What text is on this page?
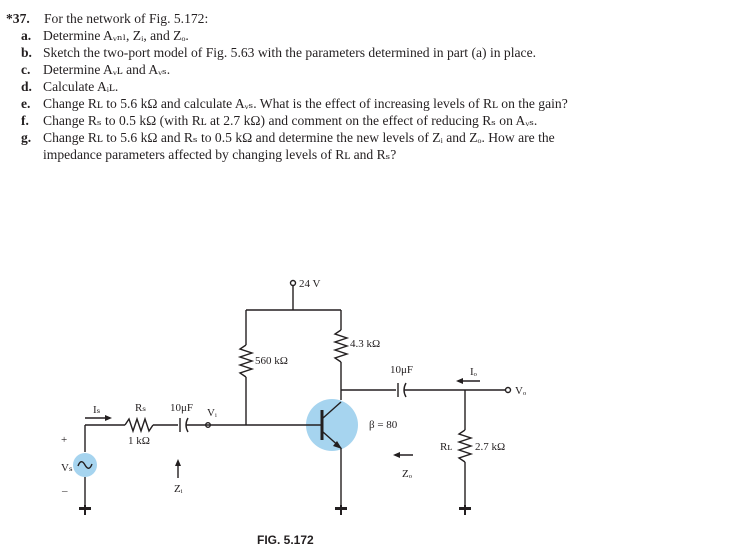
*37.	For the network of Fig. 5.172:
a. Determine Aᵥₙₗ, Zᵢ, and Zₒ.
b. Sketch the two-port model of Fig. 5.63 with the parameters determined in part (a) in place.
c. Determine Aᵥʟ and Aᵥₛ.
d. Calculate Aᵢʟ.
e. Change Rʟ to 5.6 kΩ and calculate Aᵥₛ. What is the effect of increasing levels of Rʟ on the gain?
f.	Change Rₛ to 0.5 kΩ (with Rʟ at 2.7 kΩ) and comment on the effect of reducing Rₛ on Aᵥₛ.
g. Change Rʟ to 5.6 kΩ and Rₛ to 0.5 kΩ and determine the new levels of Zᵢ and Zₒ. How are the impedance parameters affected by changing levels of Rʟ and Rₛ?
24 V
560 kΩ
4.3 kΩ
10μF
β = 80
Zₒ
Iₒ
Vₒ
Rʟ 2.7 kΩ
Iₛ	Rₛ
1 kΩ
10μF Vᵢ
Zᵢ
+
Vₛ
–
FIG. 5.172
